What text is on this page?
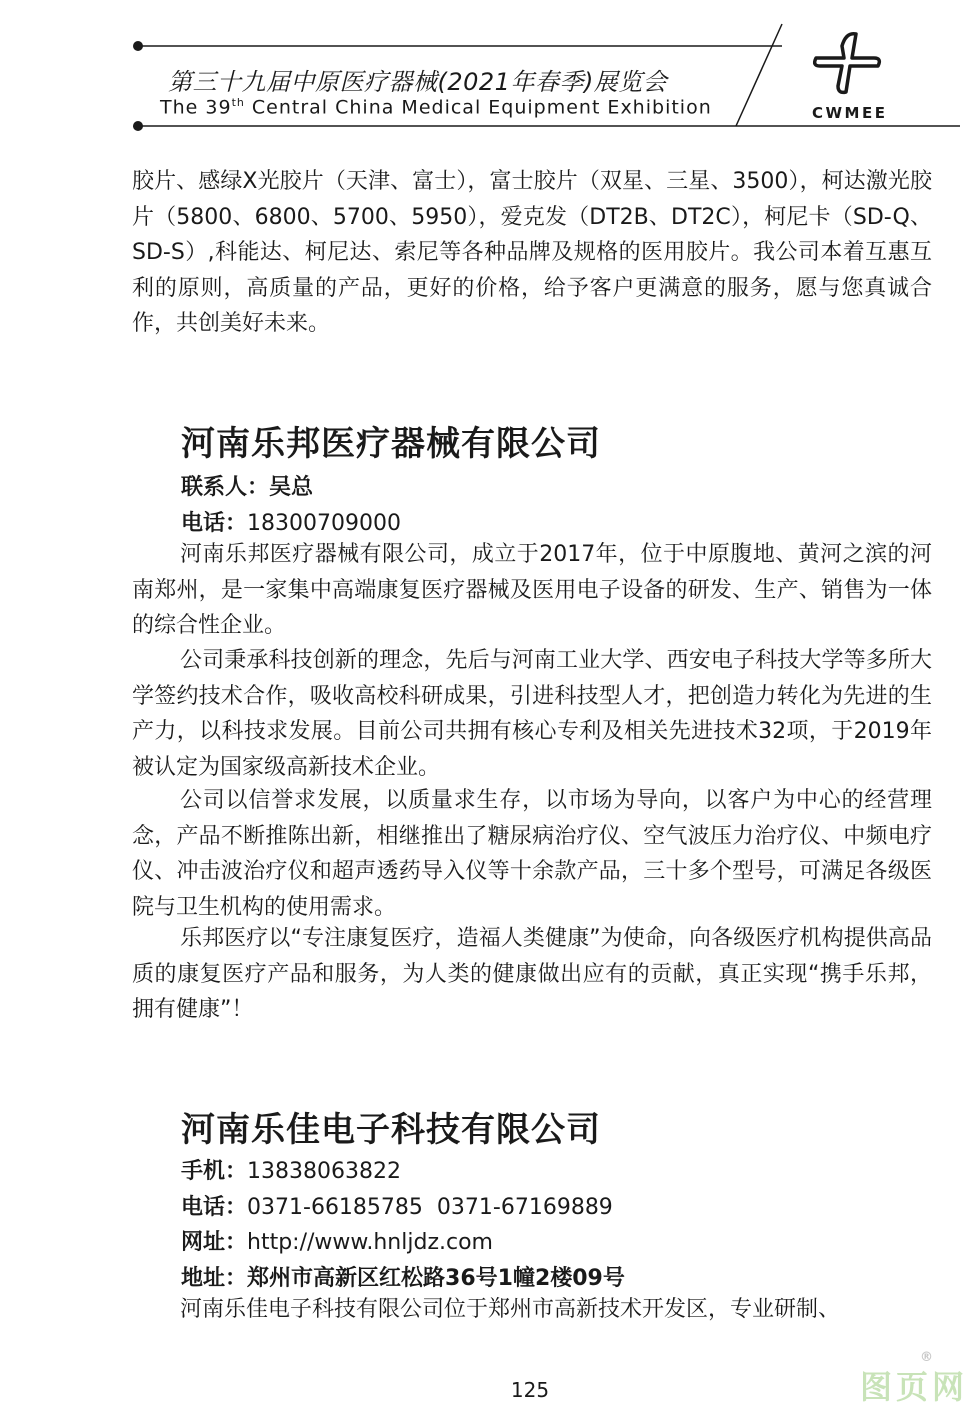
第三十九届中原医疗器械(2021年春季)展览会
The 39th Central China Medical Equipment Exhibition	CWMEE

胶片、感绿X光胶片（天津、富士），富士胶片（双星、三星、3500），柯达激光胶片（5800、6800、5700、5950），爱克发（DT2B、DT2C），柯尼卡（SD-Q、SD-S）,科能达、柯尼达、索尼等各种品牌及规格的医用胶片。我公司本着互惠互利的原则，高质量的产品，更好的价格，给予客户更满意的服务，愿与您真诚合作，共创美好未来。

河南乐邦医疗器械有限公司

联系人：吴总

电话：18300709000

河南乐邦医疗器械有限公司，成立于2017年，位于中原腹地、黄河之滨的河南郑州，是一家集中高端康复医疗器械及医用电子设备的研发、生产、销售为一体的综合性企业。

公司秉承科技创新的理念，先后与河南工业大学、西安电子科技大学等多所大学签约技术合作，吸收高校科研成果，引进科技型人才，把创造力转化为先进的生产力，以科技求发展。目前公司共拥有核心专利及相关先进技术32项，于2019年被认定为国家级高新技术企业。

公司以信誉求发展，以质量求生存，以市场为导向，以客户为中心的经营理念，产品不断推陈出新，相继推出了糖尿病治疗仪、空气波压力治疗仪、中频电疗仪、冲击波治疗仪和超声透药导入仪等十余款产品，三十多个型号，可满足各级医院与卫生机构的使用需求。

乐邦医疗以“专注康复医疗，造福人类健康”为使命，向各级医疗机构提供高品质的康复医疗产品和服务，为人类的健康做出应有的贡献，真正实现“携手乐邦，拥有健康”！

河南乐佳电子科技有限公司

手机：13838063822

电话：0371-66185785  0371-67169889

网址：http://www.hnljdz.com

地址：郑州市高新区红松路36号1幢2楼09号

河南乐佳电子科技有限公司位于郑州市高新技术开发区，专业研制、

125	图页网
®
